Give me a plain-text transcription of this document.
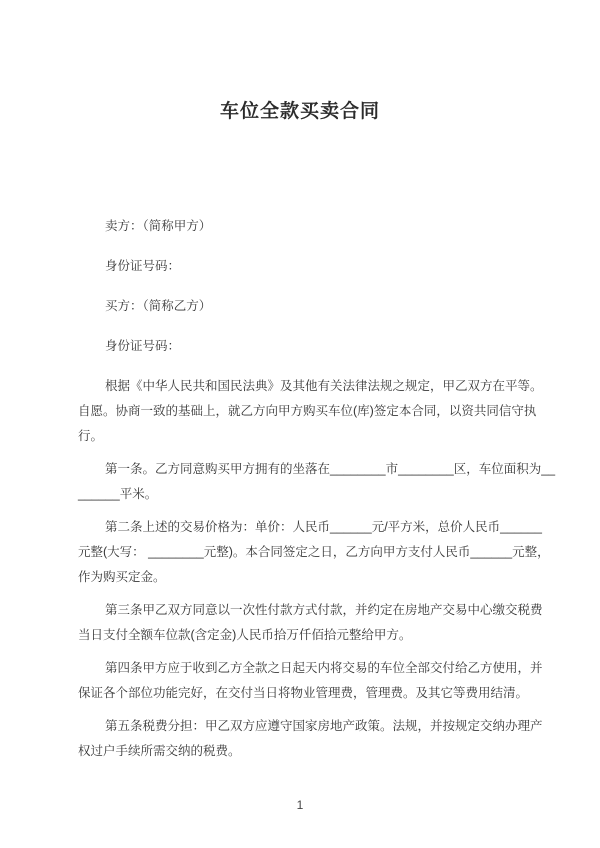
车位全款买卖合同
卖方：（简称甲方）
身份证号码：
买方：（简称乙方）
身份证号码：
根据《中华人民共和国民法典》及其他有关法律法规之规定，甲乙双方在平等。
自愿。协商一致的基础上，就乙方向甲方购买车位(库)签定本合同，以资共同信守执
行。
第一条。乙方同意购买甲方拥有的坐落在________市________区，车位面积为__
______平米。
第二条上述的交易价格为：单价：人民币______元/平方米，总价人民币______
元整(大写： ________元整)。本合同签定之日，乙方向甲方支付人民币______元整，
作为购买定金。
第三条甲乙双方同意以一次性付款方式付款，并约定在房地产交易中心缴交税费
当日支付全额车位款(含定金)人民币拾万仟佰拾元整给甲方。
第四条甲方应于收到乙方全款之日起天内将交易的车位全部交付给乙方使用，并
保证各个部位功能完好，在交付当日将物业管理费，管理费。及其它等费用结清。
第五条税费分担：甲乙双方应遵守国家房地产政策。法规，并按规定交纳办理产
权过户手续所需交纳的税费。
1
